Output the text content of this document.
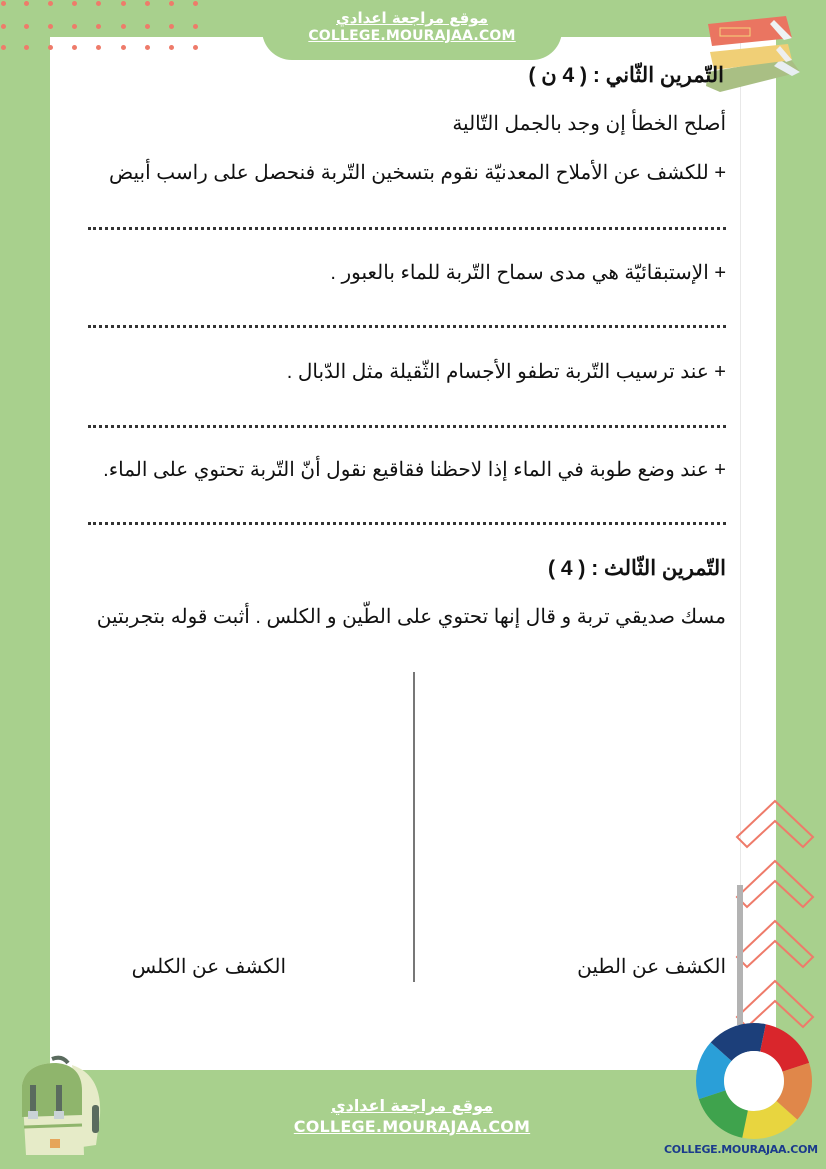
موقع مراجعة اعدادي
COLLEGE.MOURAJAA.COM
التّمرين الثّاني : ( 4 ن )
أصلح الخطأ إن وجد بالجمل التّالية
+ للكشف عن الأملاح المعدنيّة نقوم بتسخين التّربة فنحصل على راسب أبيض
+ الإستبقائيّة هي مدى سماح التّربة للماء بالعبور .
+ عند ترسيب التّربة تطفو الأجسام الثّقيلة مثل الدّبال .
+ عند وضع طوبة في الماء إذا لاحظنا فقاقيع نقول أنّ التّربة تحتوي على الماء.
التّمرين الثّالث : ( 4 )
مسك صديقي تربة و قال إنها تحتوي على الطّين و الكلس . أثبت قوله بتجربتين
الكشف عن الطين
الكشف عن الكلس
موقع مراجعة اعدادي
COLLEGE.MOURAJAA.COM
COLLEGE.MOURAJAA.COM
